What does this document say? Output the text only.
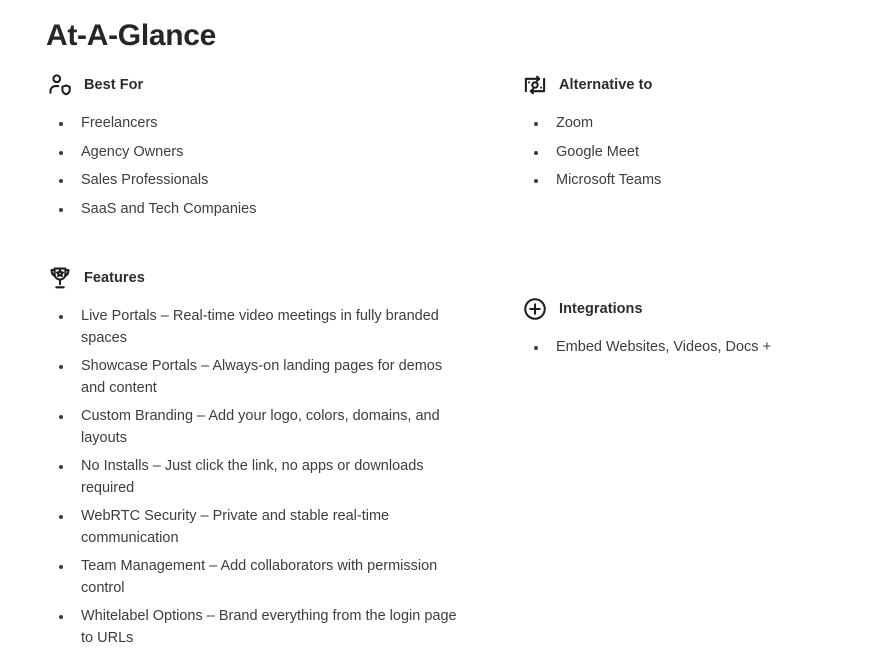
At-A-Glance
Best For
Freelancers
Agency Owners
Sales Professionals
SaaS and Tech Companies
Features
Live Portals – Real-time video meetings in fully branded spaces
Showcase Portals – Always-on landing pages for demos and content
Custom Branding – Add your logo, colors, domains, and layouts
No Installs – Just click the link, no apps or downloads required
WebRTC Security – Private and stable real-time communication
Team Management – Add collaborators with permission control
Whitelabel Options – Brand everything from the login page to URLs
Alternative to
Zoom
Google Meet
Microsoft Teams
Integrations
Embed Websites, Videos, Docs +
